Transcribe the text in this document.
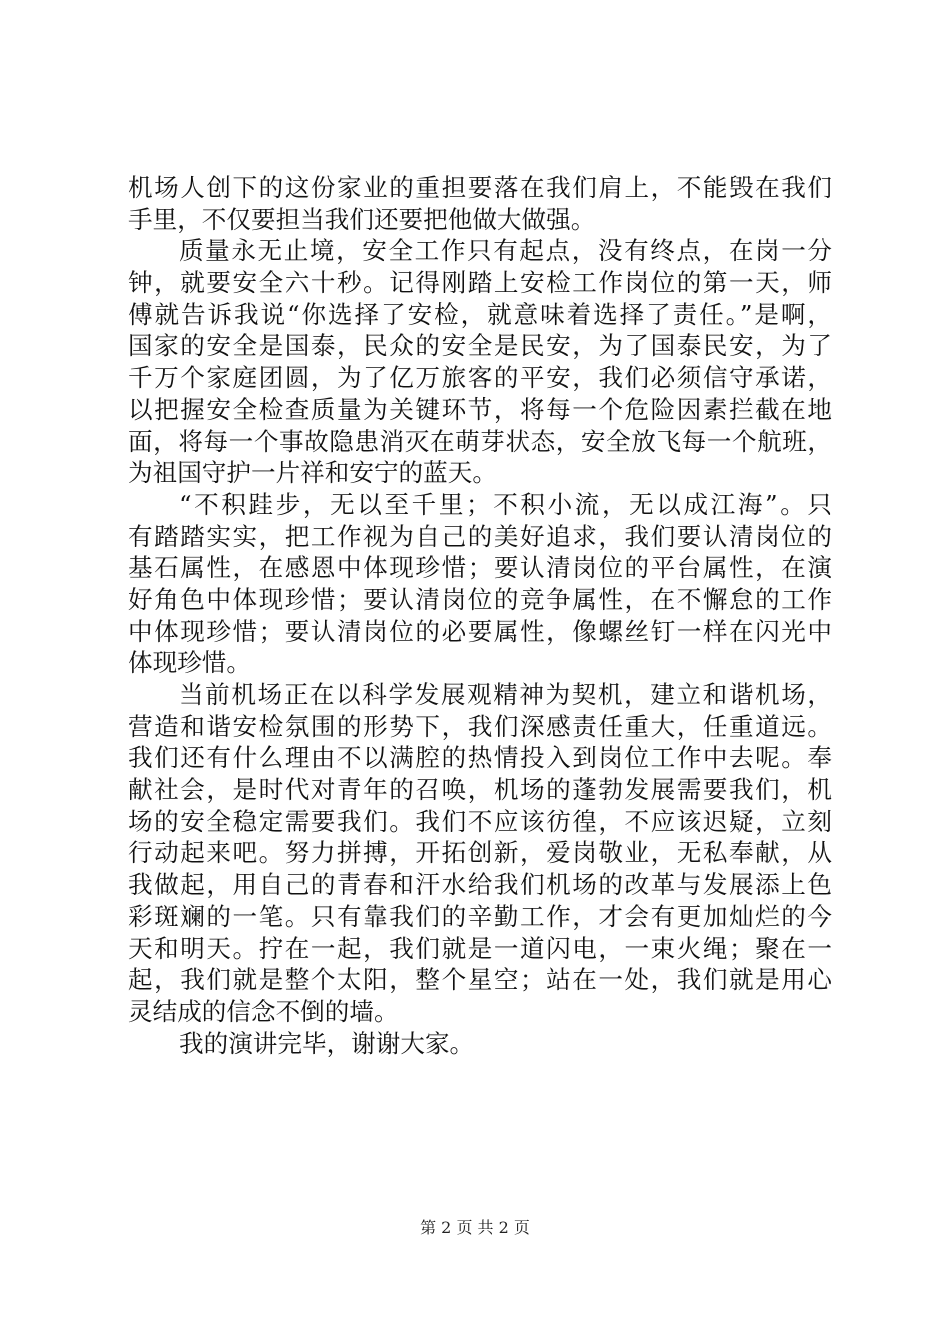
机场人创下的这份家业的重担要落在我们肩上，不能毁在我们
手里，不仅要担当我们还要把他做大做强。
质量永无止境，安全工作只有起点，没有终点，在岗一分
钟，就要安全六十秒。记得刚踏上安检工作岗位的第一天，师
傅就告诉我说“你选择了安检，就意味着选择了责任。”是啊，
国家的安全是国泰，民众的安全是民安，为了国泰民安，为了
千万个家庭团圆，为了亿万旅客的平安，我们必须信守承诺，
以把握安全检查质量为关键环节，将每一个危险因素拦截在地
面，将每一个事故隐患消灭在萌芽状态，安全放飞每一个航班，
为祖国守护一片祥和安宁的蓝天。
“不积跬步，无以至千里；不积小流，无以成江海”。只
有踏踏实实，把工作视为自己的美好追求，我们要认清岗位的
基石属性，在感恩中体现珍惜；要认清岗位的平台属性，在演
好角色中体现珍惜；要认清岗位的竞争属性，在不懈怠的工作
中体现珍惜；要认清岗位的必要属性，像螺丝钉一样在闪光中
体现珍惜。
当前机场正在以科学发展观精神为契机，建立和谐机场，
营造和谐安检氛围的形势下，我们深感责任重大，任重道远。
我们还有什么理由不以满腔的热情投入到岗位工作中去呢。奉
献社会，是时代对青年的召唤，机场的蓬勃发展需要我们，机
场的安全稳定需要我们。我们不应该彷徨，不应该迟疑，立刻
行动起来吧。努力拼搏，开拓创新，爱岗敬业，无私奉献，从
我做起，用自己的青春和汗水给我们机场的改革与发展添上色
彩斑斓的一笔。只有靠我们的辛勤工作，才会有更加灿烂的今
天和明天。拧在一起，我们就是一道闪电，一束火绳；聚在一
起，我们就是整个太阳，整个星空；站在一处，我们就是用心
灵结成的信念不倒的墙。
我的演讲完毕，谢谢大家。
第 2 页 共 2 页
